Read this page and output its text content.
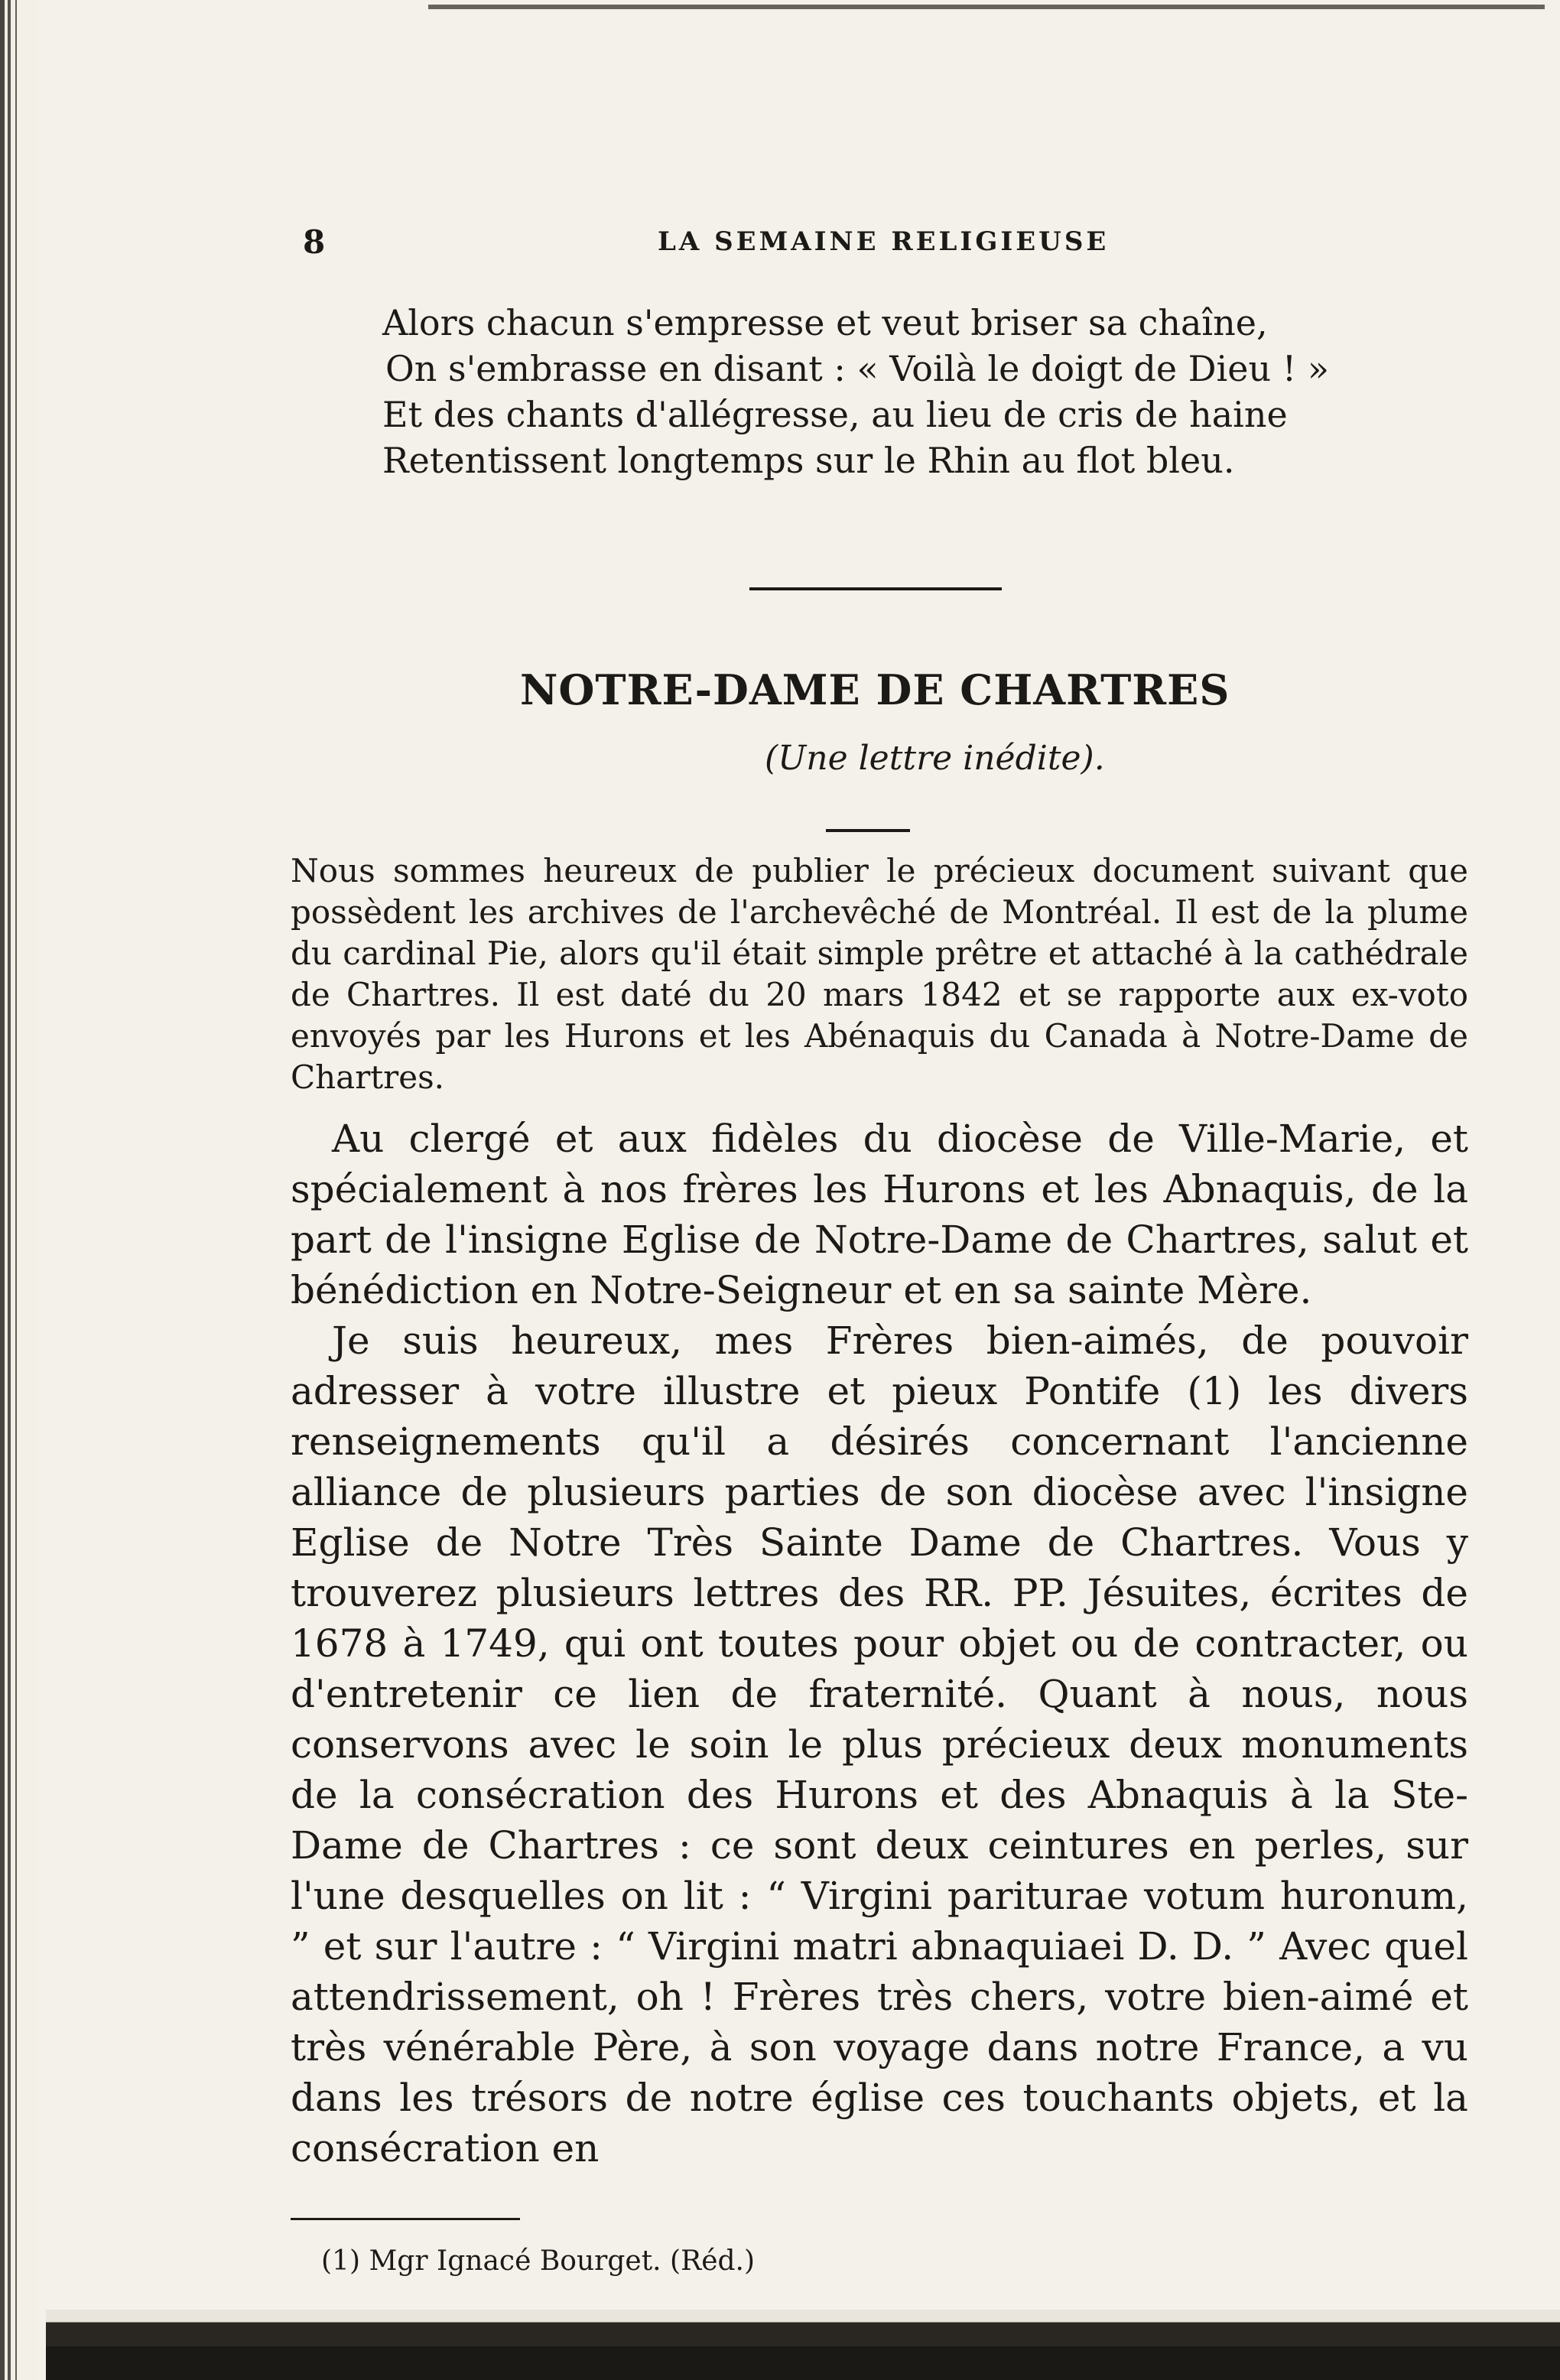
8	LA SEMAINE RELIGIEUSE
Alors chacun s'empresse et veut briser sa chaîne,
On s'embrasse en disant : « Voilà le doigt de Dieu ! »
Et des chants d'allégresse, au lieu de cris de haine
Retentissent longtemps sur le Rhin au flot bleu.
NOTRE-DAME DE CHARTRES
(Une lettre inédite).
Nous sommes heureux de publier le précieux document suivant que possèdent les archives de l'archevêché de Montréal. Il est de la plume du cardinal Pie, alors qu'il était simple prêtre et attaché à la cathédrale de Chartres. Il est daté du 20 mars 1842 et se rapporte aux ex-voto envoyés par les Hurons et les Abénaquis du Canada à Notre-Dame de Chartres.

Au clergé et aux fidèles du diocèse de Ville-Marie, et spécialement à nos frères les Hurons et les Abnaquis, de la part de l'insigne Eglise de Notre-Dame de Chartres, salut et bénédiction en Notre-Seigneur et en sa sainte Mère.

Je suis heureux, mes Frères bien-aimés, de pouvoir adresser à votre illustre et pieux Pontife (1) les divers renseignements qu'il a désirés concernant l'ancienne alliance de plusieurs parties de son diocèse avec l'insigne Eglise de Notre Très Sainte Dame de Chartres. Vous y trouverez plusieurs lettres des RR. PP. Jésuites, écrites de 1678 à 1749, qui ont toutes pour objet ou de contracter, ou d'entretenir ce lien de fraternité. Quant à nous, nous conservons avec le soin le plus précieux deux monuments de la consécration des Hurons et des Abnaquis à la Ste-Dame de Chartres : ce sont deux ceintures en perles, sur l'une desquelles on lit : “ Virgini pariturae votum huronum, ” et sur l'autre : “ Virgini matri abnaquiaei D. D. ” Avec quel attendrissement, oh ! Frères très chers, votre bien-aimé et très vénérable Père, à son voyage dans notre France, a vu dans les trésors de notre église ces touchants objets, et la consécration en

(1) Mgr Ignacé Bourget. (Réd.)
